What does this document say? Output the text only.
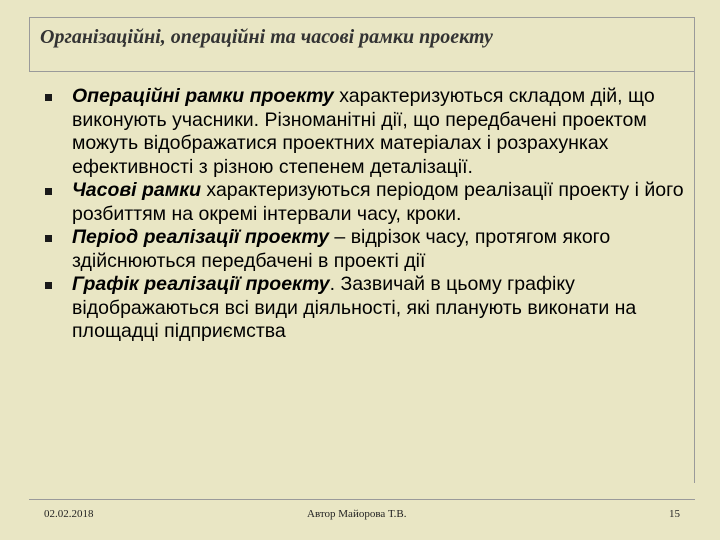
Організаційні, операційні та часові рамки проекту
Операційні рамки проекту характеризуються складом дій, що виконують учасники. Різноманітні дії, що передбачені проектом можуть відображатися проектних матеріалах і розрахунках ефективності з різною степенем деталізації.
Часові рамки характеризуються періодом реалізації проекту і його розбиттям на окремі інтервали часу, кроки.
Період реалізації проекту – відрізок часу, протягом якого здійснюються передбачені в проекті дії
Графік реалізації проекту. Зазвичай в цьому графіку відображаються всі види діяльності, які планують виконати на площадці підприємства
02.02.2018	Автор Майорова Т.В.	15
